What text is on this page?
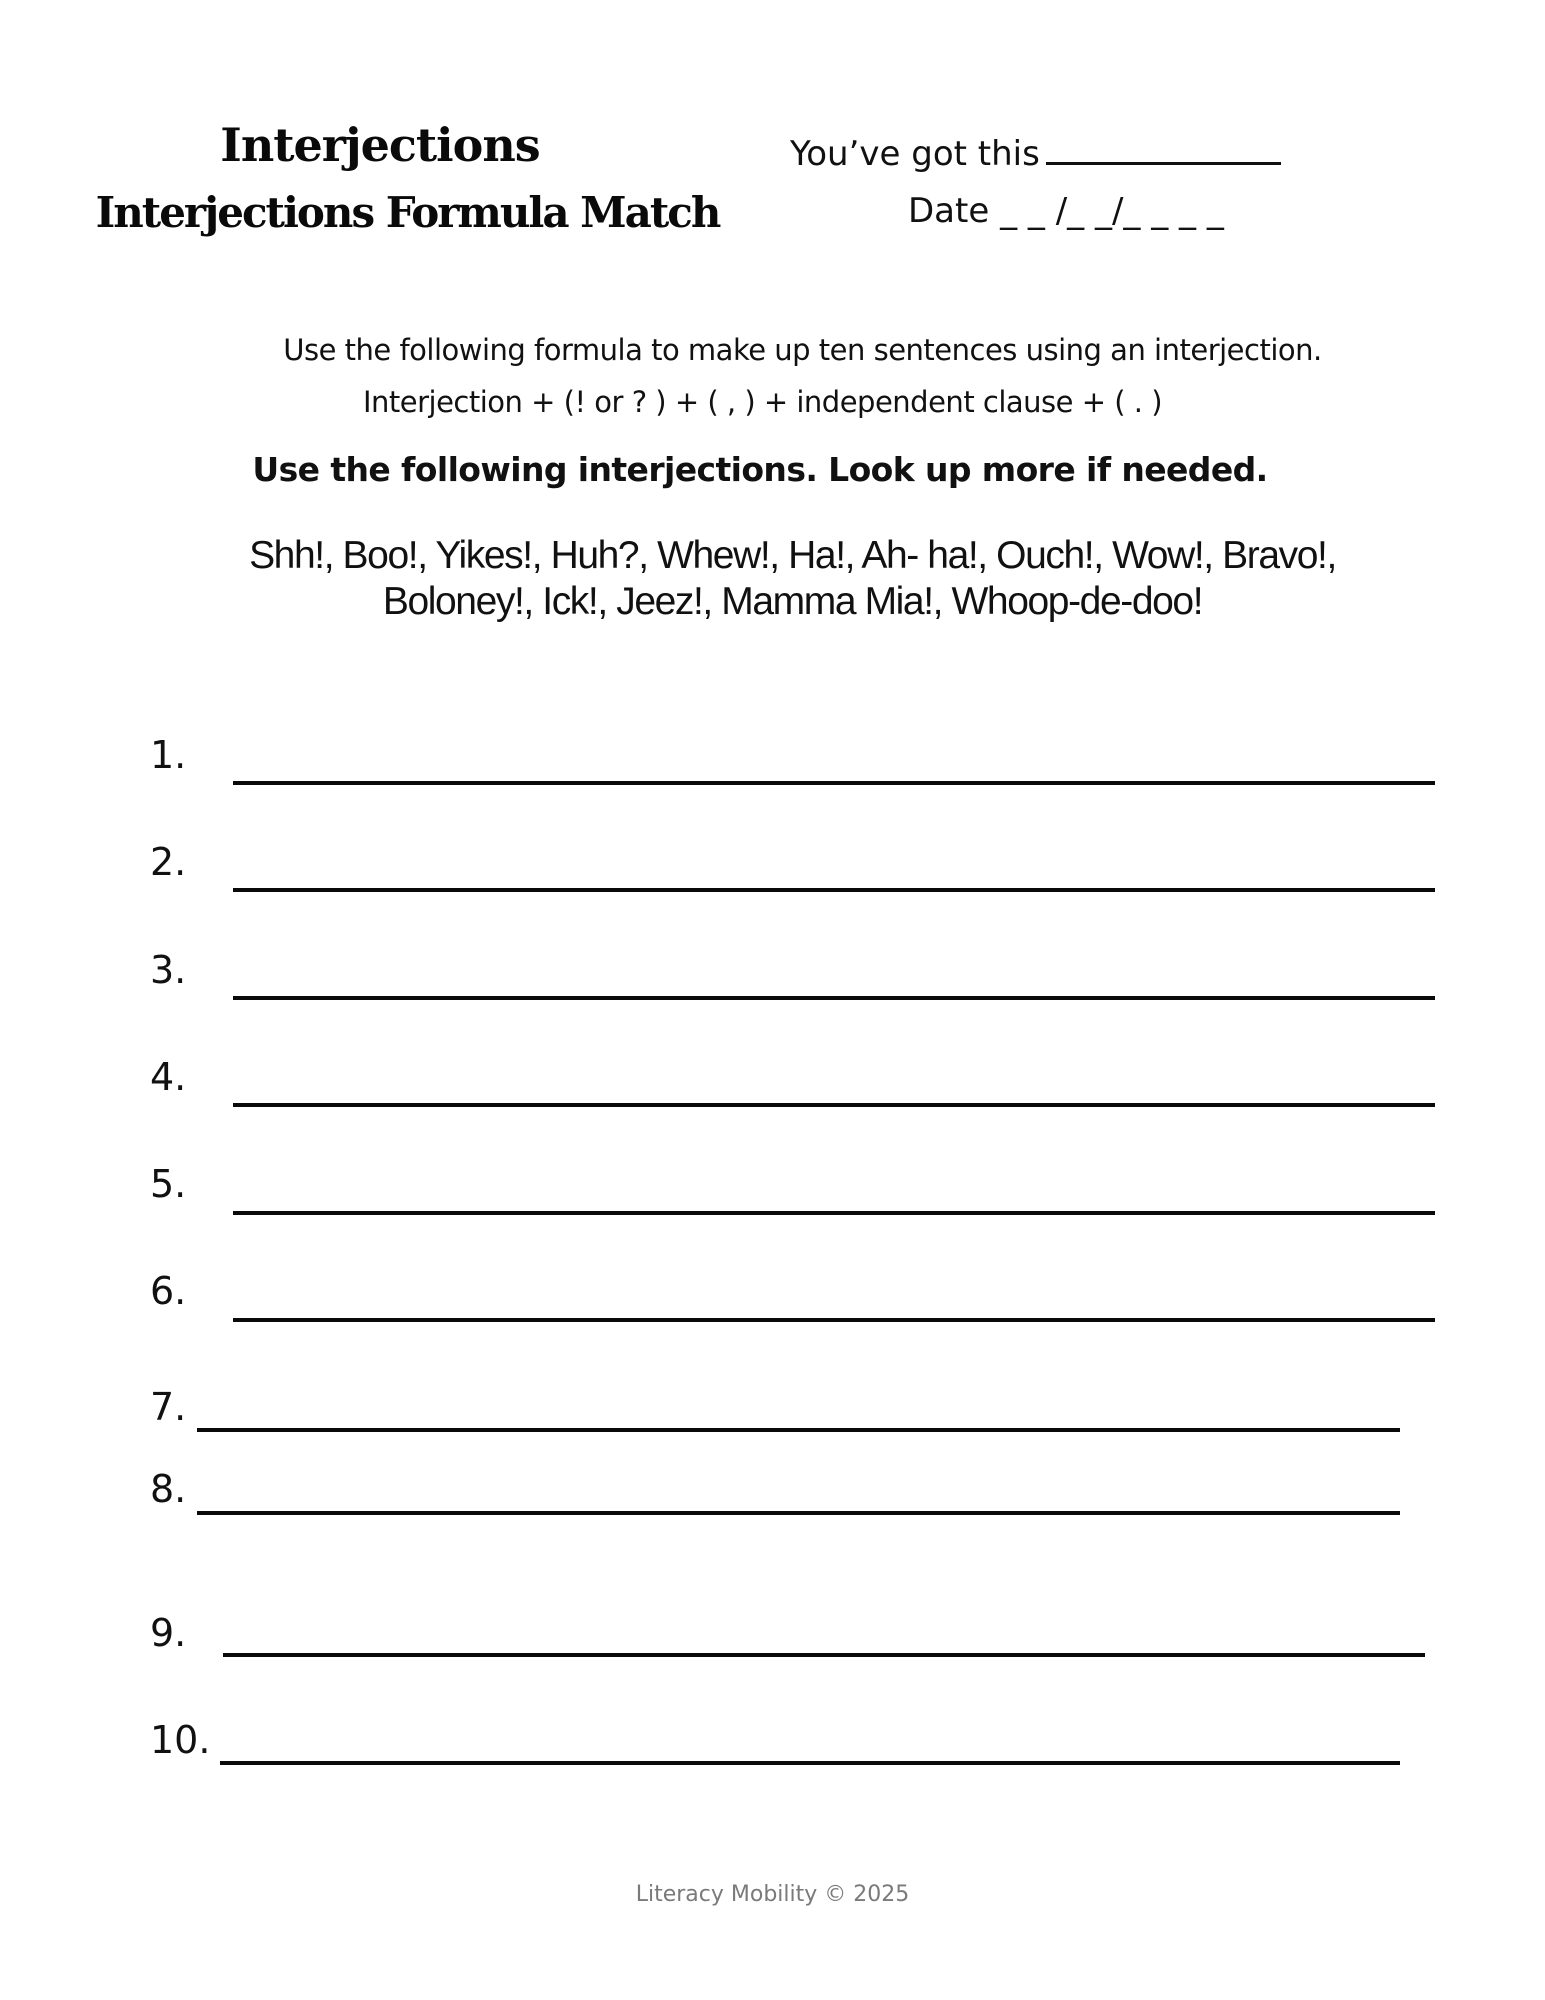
Interjections
Interjections Formula Match
You’ve got this
Date _ _ /_ _/_ _ _ _
Use the following formula to make up ten sentences using an interjection.
Interjection + (! or ? ) + ( , ) + independent clause + ( . )
Use the following interjections. Look up more if needed.
Shh!, Boo!, Yikes!, Huh?, Whew!, Ha!, Ah- ha!, Ouch!, Wow!, Bravo!,
Boloney!, Ick!, Jeez!, Mamma Mia!, Whoop-de-doo!
1.
2.
3.
4.
5.
6.
7.
8.
9.
10.
Literacy Mobility © 2025
